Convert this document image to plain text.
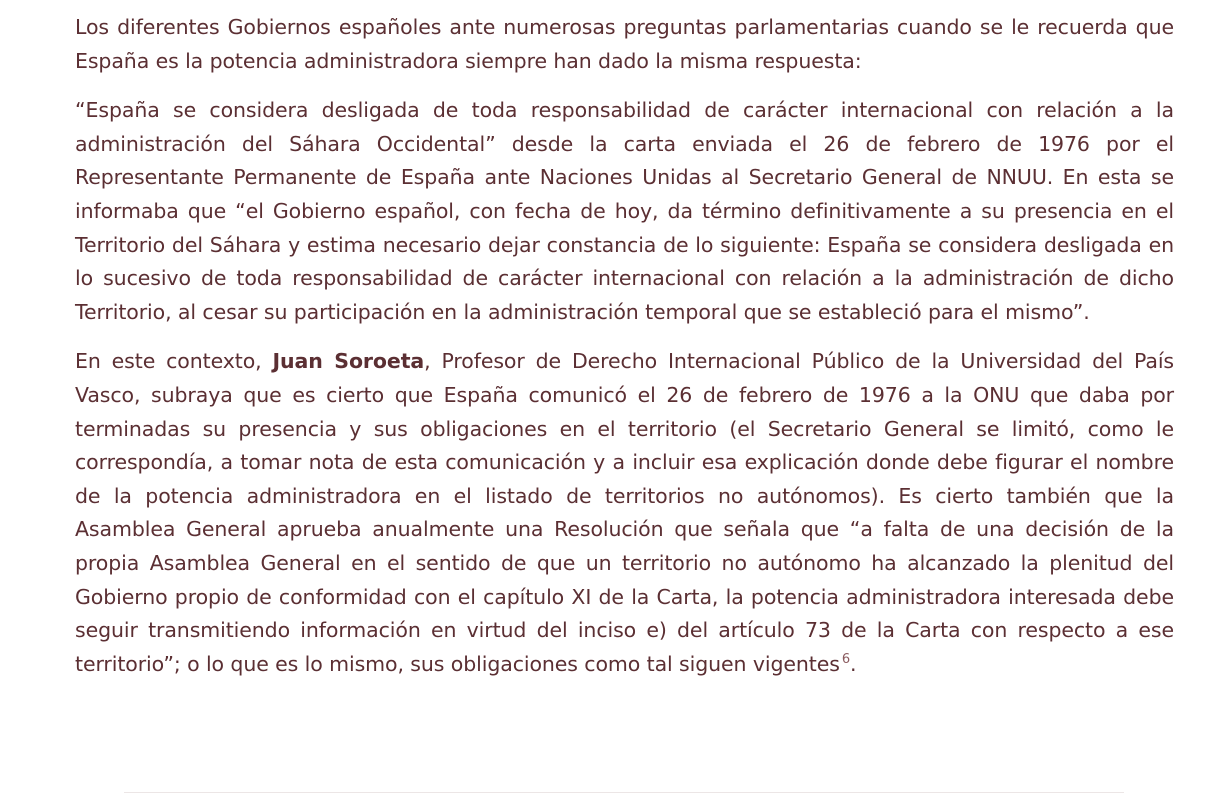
Los diferentes Gobiernos españoles ante numerosas preguntas parlamentarias cuando se le recuerda que España es la potencia administradora siempre han dado la misma respuesta:

“España se considera desligada de toda responsabilidad de carácter internacional con relación a la administración del Sáhara Occidental” desde la carta enviada el 26 de febrero de 1976 por el Representante Permanente de España ante Naciones Unidas al Secretario General de NNUU. En esta se informaba que “el Gobierno español, con fecha de hoy, da término definitivamente a su presencia en el Territorio del Sáhara y estima necesario dejar constancia de lo siguiente: España se considera desligada en lo sucesivo de toda responsabilidad de carácter internacional con relación a la administración de dicho Territorio, al cesar su participación en la administración temporal que se estableció para el mismo”.

En este contexto, Juan Soroeta, Profesor de Derecho Internacional Público de la Universidad del País Vasco, subraya que es cierto que España comunicó el 26 de febrero de 1976 a la ONU que daba por terminadas su presencia y sus obligaciones en el territorio (el Secretario General se limitó, como le correspondía, a tomar nota de esta comunicación y a incluir esa explicación donde debe figurar el nombre de la potencia administradora en el listado de territorios no autónomos). Es cierto también que la Asamblea General aprueba anualmente una Resolución que señala que “a falta de una decisión de la propia Asamblea General en el sentido de que un territorio no autónomo ha alcanzado la plenitud del Gobierno propio de conformidad con el capítulo XI de la Carta, la potencia administradora interesada debe seguir transmitiendo información en virtud del inciso e) del artículo 73 de la Carta con respecto a ese territorio”; o lo que es lo mismo, sus obligaciones como tal siguen vigentes $^6$.
